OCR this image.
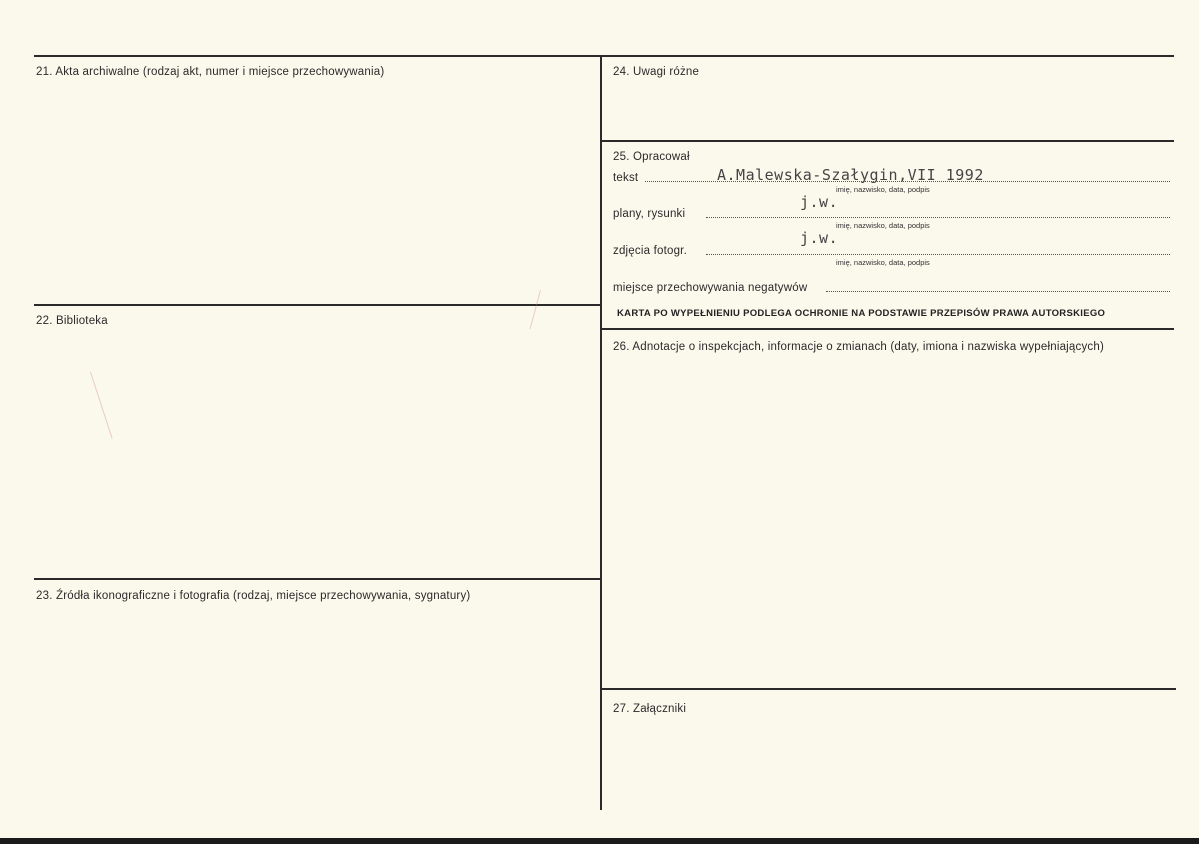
21. Akta archiwalne (rodzaj akt, numer i miejsce przechowywania)
22. Biblioteka
23. Źródła ikonograficzne i fotografia (rodzaj, miejsce przechowywania, sygnatury)
24. Uwagi różne
25. Opracował
tekst	A.Malewska-Szałygin,VII 1992
imię, nazwisko, data, podpis
j.w.
plany, rysunki
imię, nazwisko, data, podpis
j.w.
zdjęcia fotogr.
imię, nazwisko, data, podpis
miejsce przechowywania negatywów
KARTA PO WYPEŁNIENIU PODLEGA OCHRONIE NA PODSTAWIE PRZEPISÓW PRAWA AUTORSKIEGO
26. Adnotacje o inspekcjach, informacje o zmianach (daty, imiona i nazwiska wypełniających)
27. Załączniki
